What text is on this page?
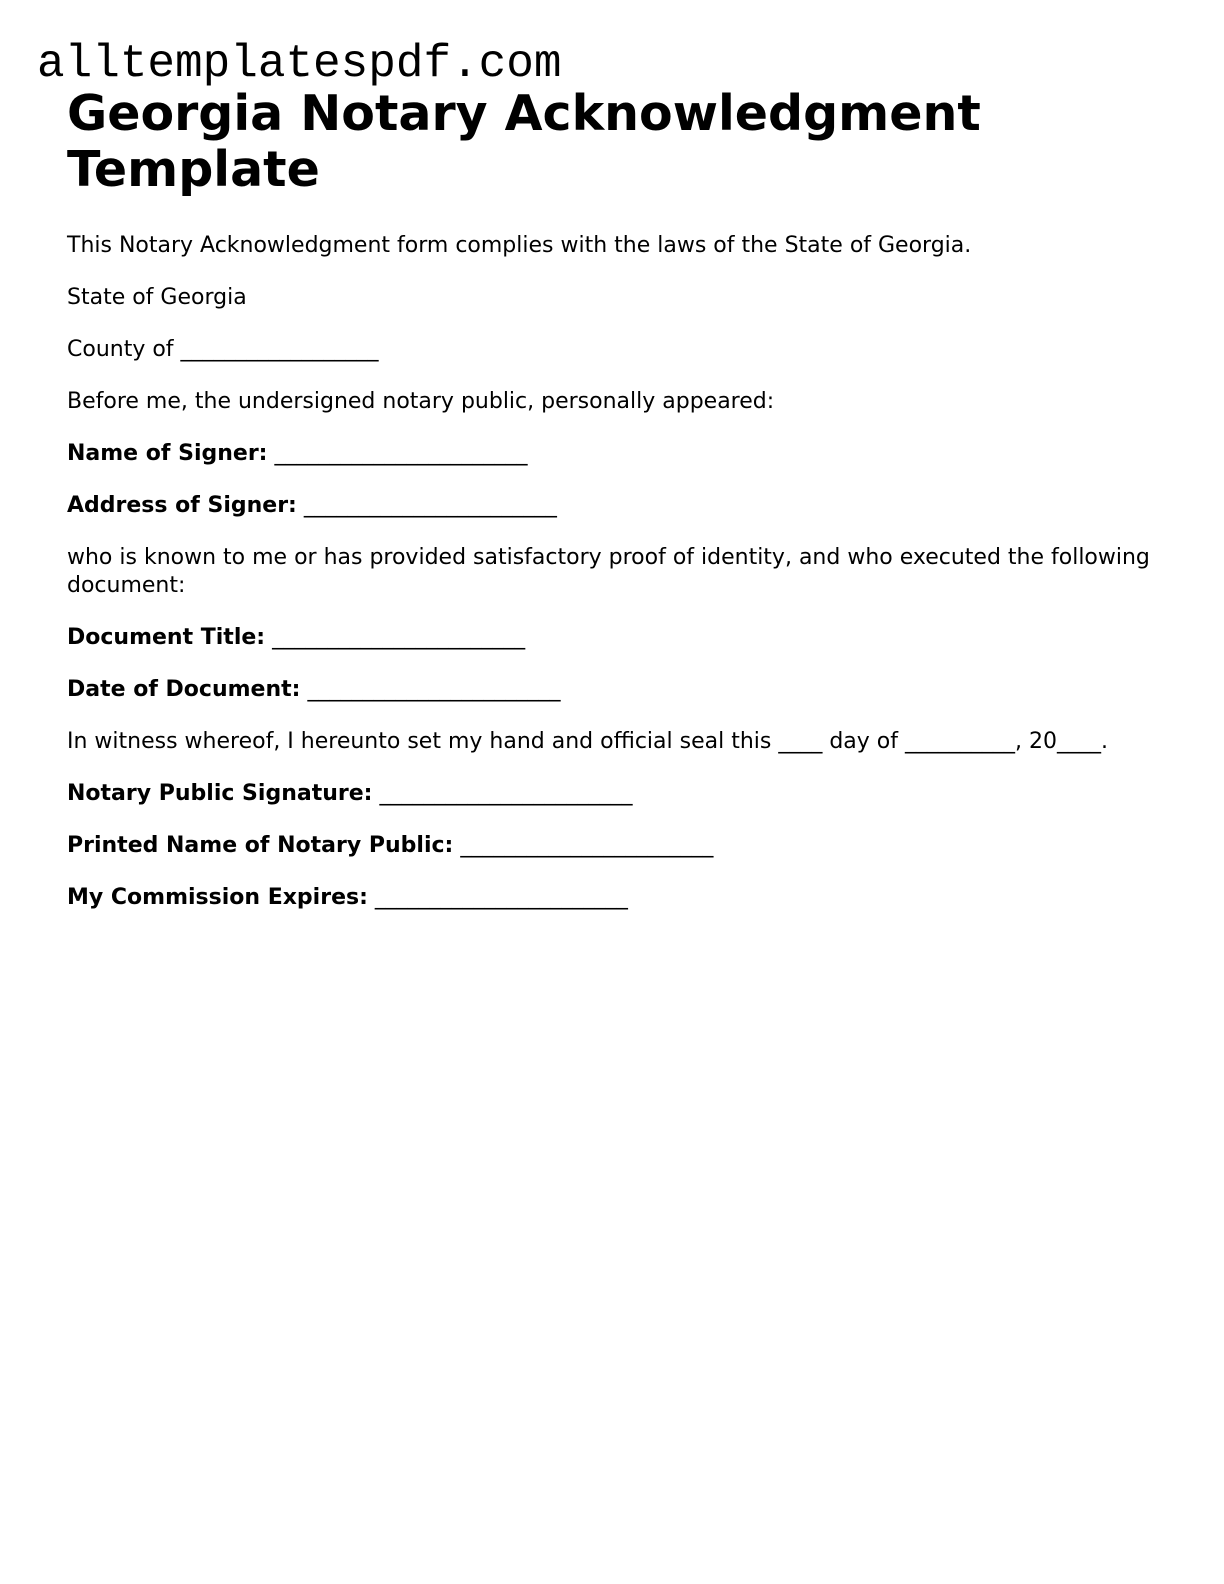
alltemplatespdf.com
Georgia Notary Acknowledgment Template

This Notary Acknowledgment form complies with the laws of the State of Georgia.

State of Georgia

County of __________________

Before me, the undersigned notary public, personally appeared:

Name of Signer: _______________________

Address of Signer: _______________________

who is known to me or has provided satisfactory proof of identity, and who executed the following document:

Document Title: _______________________

Date of Document: _______________________

In witness whereof, I hereunto set my hand and official seal this ____ day of __________, 20____.

Notary Public Signature: _______________________

Printed Name of Notary Public: _______________________

My Commission Expires: _______________________
